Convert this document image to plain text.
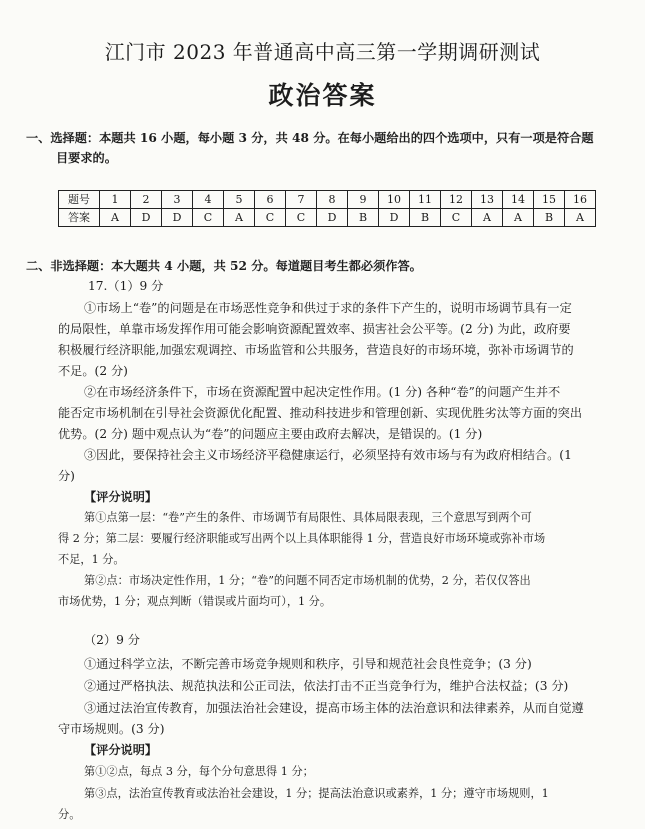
江门市 2023 年普通高中高三第一学期调研测试
政治答案
一、选择题：本题共 16 小题，每小题 3 分，共 48 分。在每小题给出的四个选项中，只有一项是符合题
目要求的。
题号	1	2	3	4	5	6	7	8	9	10	11	12	13	14	15	16
答案	A	D	D	C	A	C	C	D	B	D	B	C	A	A	B	A
二、非选择题：本大题共 4 小题，共 52 分。每道题目考生都必须作答。
17.（1）9 分
①市场上“卷”的问题是在市场恶性竞争和供过于求的条件下产生的，说明市场调节具有一定
的局限性，单靠市场发挥作用可能会影响资源配置效率、损害社会公平等。(2 分) 为此，政府要
积极履行经济职能,加强宏观调控、市场监管和公共服务，营造良好的市场环境，弥补市场调节的
不足。(2 分)
②在市场经济条件下，市场在资源配置中起决定性作用。(1 分) 各种“卷”的问题产生并不
能否定市场机制在引导社会资源优化配置、推动科技进步和管理创新、实现优胜劣汰等方面的突出
优势。(2 分) 题中观点认为“卷”的问题应主要由政府去解决，是错误的。(1 分)
③因此，要保持社会主义市场经济平稳健康运行，必须坚持有效市场与有为政府相结合。(1
分)
【评分说明】
第①点第一层：“卷”产生的条件、市场调节有局限性、具体局限表现，三个意思写到两个可
得 2 分；第二层：要履行经济职能或写出两个以上具体职能得 1 分，营造良好市场环境或弥补市场
不足，1 分。
第②点：市场决定性作用，1 分；“卷”的问题不同否定市场机制的优势，2 分，若仅仅答出
市场优势，1 分；观点判断（错误或片面均可），1 分。
（2）9 分
①通过科学立法，不断完善市场竞争规则和秩序，引导和规范社会良性竞争；(3 分)
②通过严格执法、规范执法和公正司法，依法打击不正当竞争行为，维护合法权益；(3 分)
③通过法治宣传教育，加强法治社会建设，提高市场主体的法治意识和法律素养，从而自觉遵
守市场规则。(3 分)
【评分说明】
第①②点，每点 3 分，每个分句意思得 1 分；
第③点，法治宣传教育或法治社会建设，1 分；提高法治意识或素养，1 分；遵守市场规则，1
分。
